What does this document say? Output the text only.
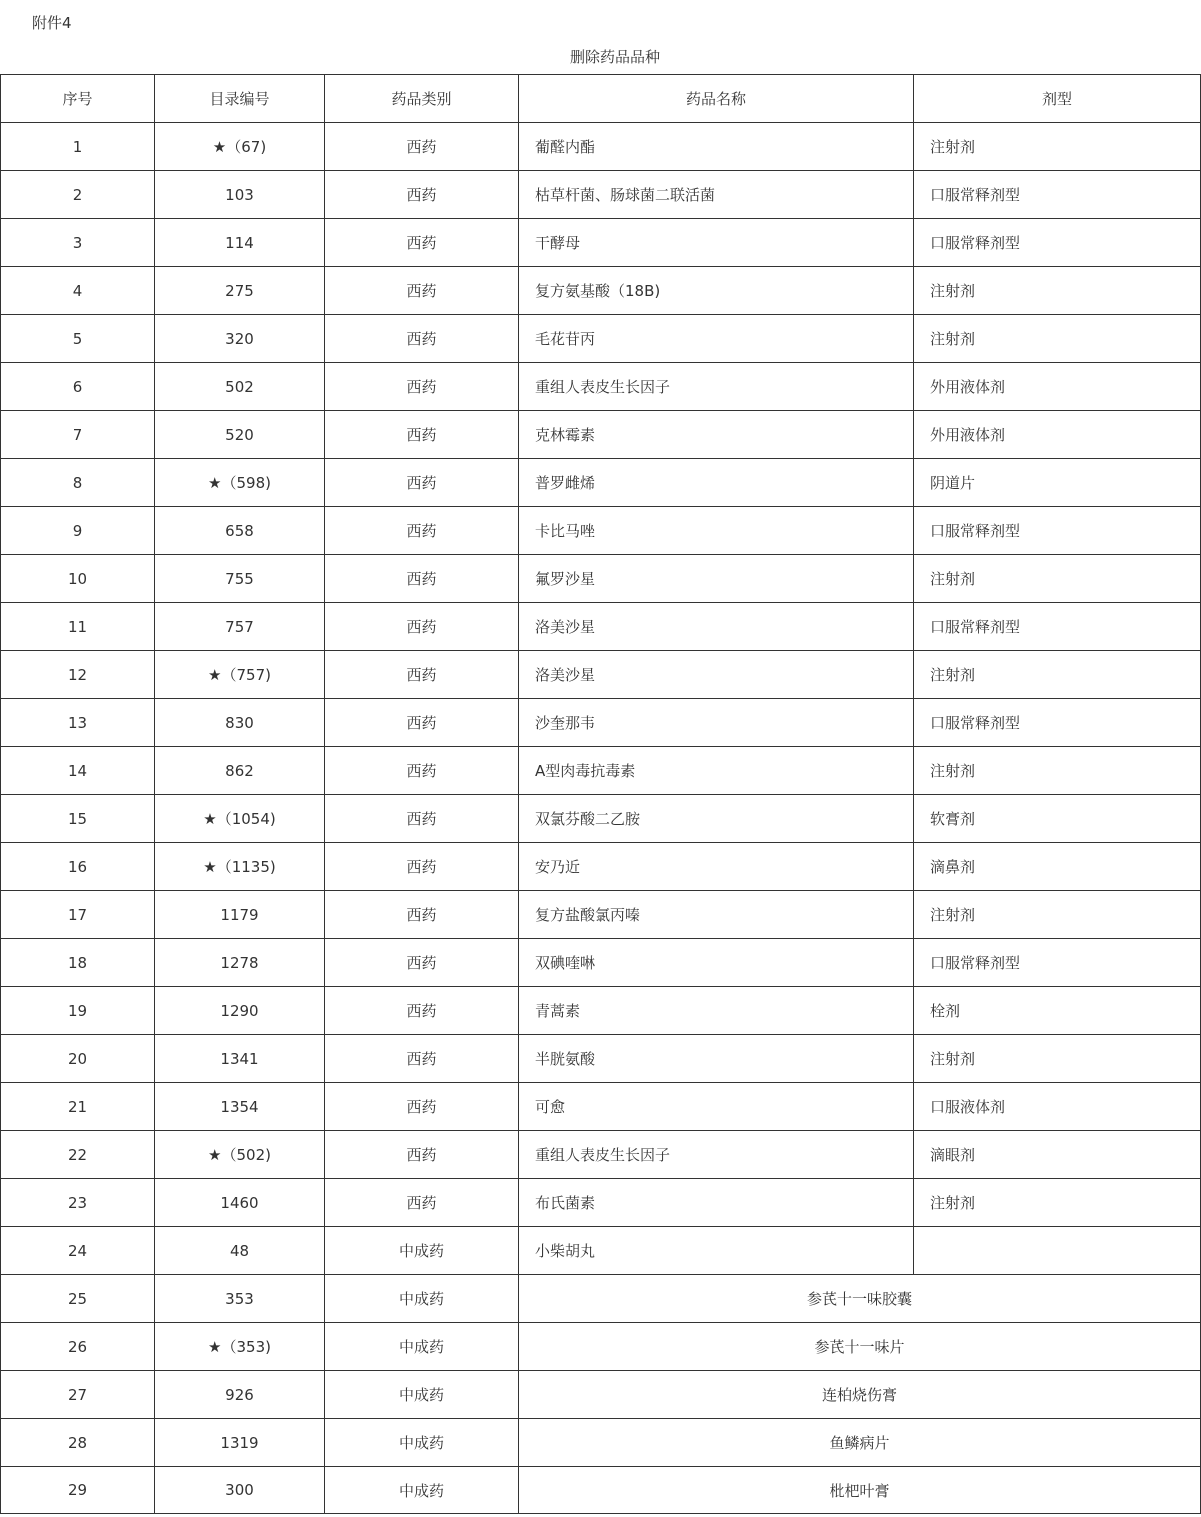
附件4
删除药品品种
序号	目录编号	药品类别	药品名称	剂型
1	★（67)	西药	葡醛内酯	注射剂
2	103	西药	枯草杆菌、肠球菌二联活菌	口服常释剂型
3	114	西药	干酵母	口服常释剂型
4	275	西药	复方氨基酸（18B)	注射剂
5	320	西药	毛花苷丙	注射剂
6	502	西药	重组人表皮生长因子	外用液体剂
7	520	西药	克林霉素	外用液体剂
8	★（598)	西药	普罗雌烯	阴道片
9	658	西药	卡比马唑	口服常释剂型
10	755	西药	氟罗沙星	注射剂
11	757	西药	洛美沙星	口服常释剂型
12	★（757)	西药	洛美沙星	注射剂
13	830	西药	沙奎那韦	口服常释剂型
14	862	西药	A型肉毒抗毒素	注射剂
15	★（1054)	西药	双氯芬酸二乙胺	软膏剂
16	★（1135)	西药	安乃近	滴鼻剂
17	1179	西药	复方盐酸氯丙嗪	注射剂
18	1278	西药	双碘喹啉	口服常释剂型
19	1290	西药	青蒿素	栓剂
20	1341	西药	半胱氨酸	注射剂
21	1354	西药	可愈	口服液体剂
22	★（502)	西药	重组人表皮生长因子	滴眼剂
23	1460	西药	布氏菌素	注射剂
24	48	中成药	小柴胡丸	
25	353	中成药	参芪十一味胶囊	
26	★（353)	中成药	参芪十一味片	
27	926	中成药	连柏烧伤膏	
28	1319	中成药	鱼鳞病片	
29	300	中成药	枇杷叶膏	
